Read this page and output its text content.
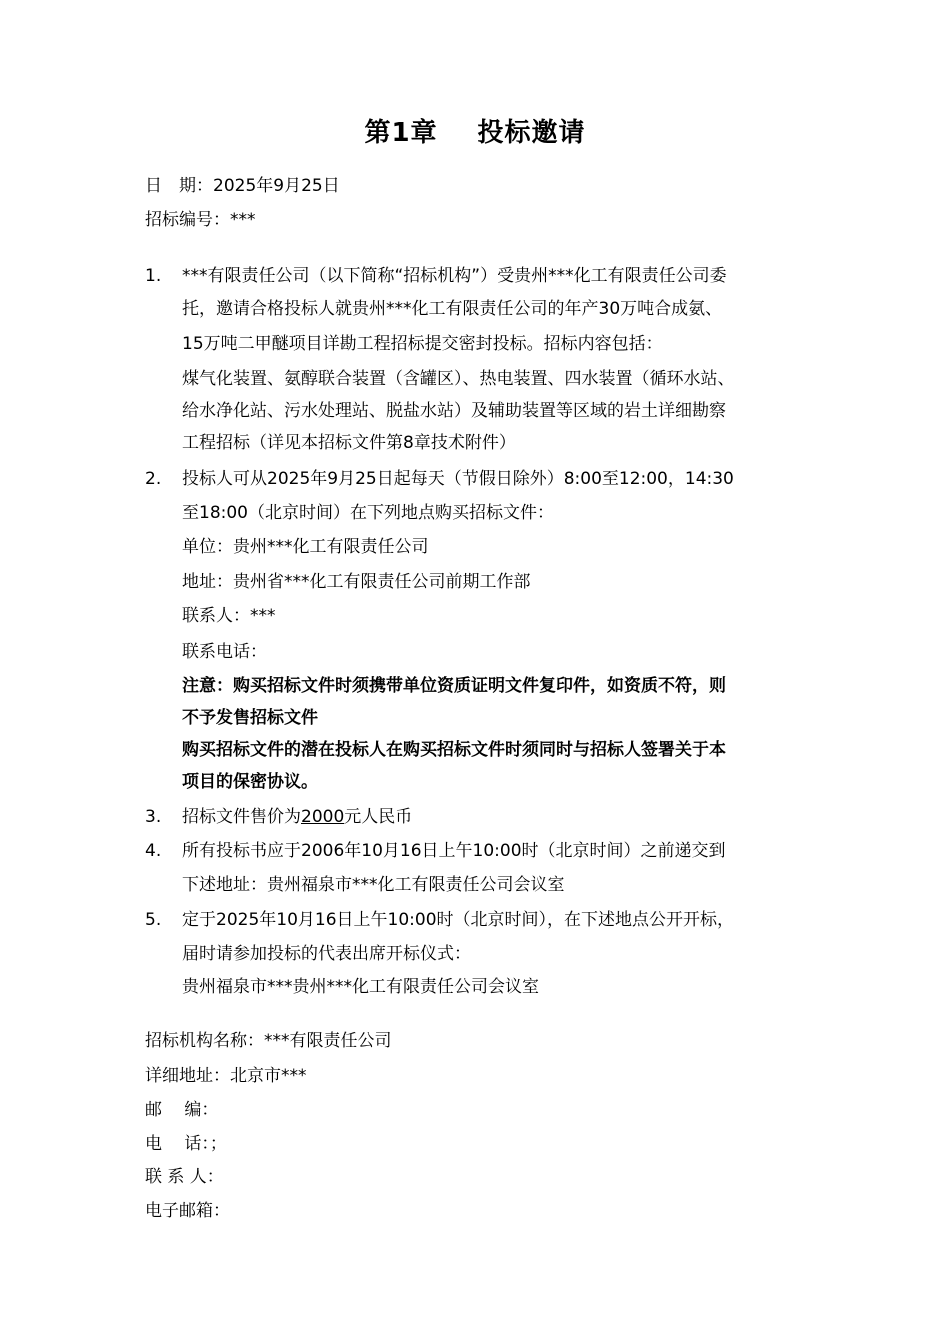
第1章 投标邀请
日　期：2025年9月25日
招标编号：***
1. ***有限责任公司（以下简称“招标机构”）受贵州***化工有限责任公司委
托，邀请合格投标人就贵州***化工有限责任公司的年产30万吨合成氨、
15万吨二甲醚项目详勘工程招标提交密封投标。招标内容包括：
煤气化装置、氨醇联合装置（含罐区）、热电装置、四水装置（循环水站、
给水净化站、污水处理站、脱盐水站）及辅助装置等区域的岩土详细勘察
工程招标（详见本招标文件第8章技术附件）
2. 投标人可从2025年9月25日起每天（节假日除外）8:00至12:00，14:30
至18:00（北京时间）在下列地点购买招标文件：
单位：贵州***化工有限责任公司
地址：贵州省***化工有限责任公司前期工作部
联系人：***
联系电话：
注意：购买招标文件时须携带单位资质证明文件复印件，如资质不符，则
不予发售招标文件
购买招标文件的潜在投标人在购买招标文件时须同时与招标人签署关于本
项目的保密协议。
3. 招标文件售价为2000元人民币
4. 所有投标书应于2006年10月16日上午10:00时（北京时间）之前递交到
下述地址：贵州福泉市***化工有限责任公司会议室
5. 定于2025年10月16日上午10:00时（北京时间），在下述地点公开开标，
届时请参加投标的代表出席开标仪式：
贵州福泉市***贵州***化工有限责任公司会议室
招标机构名称：***有限责任公司
详细地址：北京市***
邮　 编：
电　 话：；
联 系 人：
电子邮箱：
